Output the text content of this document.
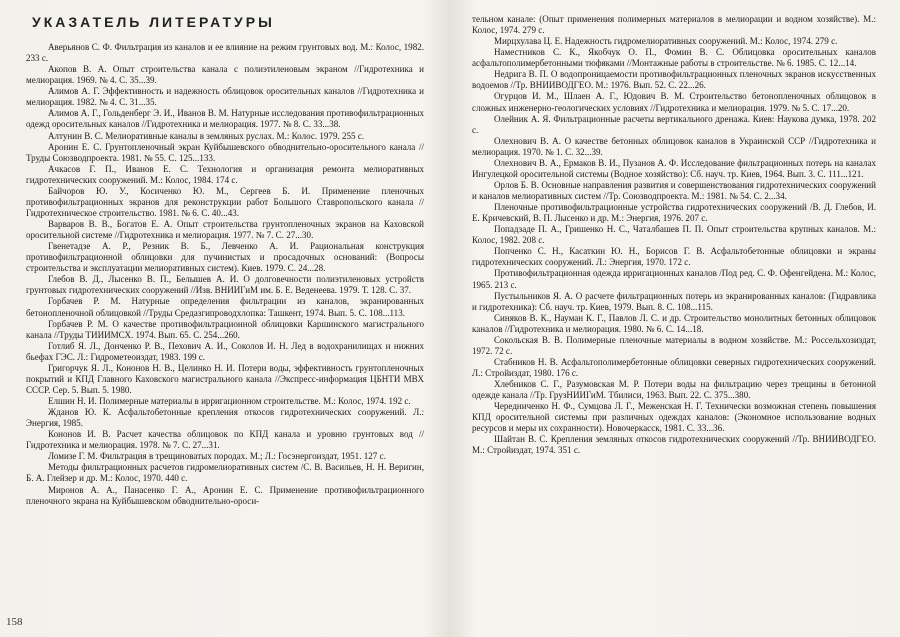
УКАЗАТЕЛЬ ЛИТЕРАТУРЫ
Аверьянов С. Ф. Фильтрация из каналов и ее влияние на режим грунтовых вод. М.: Колос, 1982. 233 с.
Акопов В. А. Опыт строительства канала с полиэтиленовым экраном //Гидротехника и мелиорация. 1969. № 4. С. 35...39.
Алимов А. Г. Эффективность и надежность облицовок оросительных каналов //Гидротехника и мелиорация. 1982. № 4. С. 31...35.
Алимов А. Г., Гольденберг Э. И., Иванов В. М. Натурные исследования противофильтрационных одежд оросительных каналов //Гидротехника и мелиорация. 1977. № 8. С. 33...38.
Алтунин В. С. Мелиоративные каналы в земляных руслах. М.: Колос. 1979. 255 с.
Аронин Е. С. Грунтопленочный экран Куйбышевского обводнительно-оросительного канала //Труды Союзводпроекта. 1981. № 55. С. 125...133.
Ачкасов Г. П., Иванов Е. С. Технология и организация ремонта мелиоративных гидротехнических сооружений. М.: Колос, 1984. 174 с.
Байчоров Ю. У., Косиченко Ю. М., Сергеев Б. И. Применение пленочных противофильтрационных экранов для реконструкции работ Большого Ставропольского канала //Гидротехническое строительство. 1981. № 6. С. 40...43.
Варваров В. В., Богатов Е. А. Опыт строительства грунтопленочных экранов на Каховской оросительной системе //Гидротехника и мелиорация. 1977. № 7. С. 27...30.
Гвенетадзе А. Р., Резник В. Б., Левченко А. И. Рациональная конструкция противофильтрационной облицовки для пучинистых и просадочных оснований: (Вопросы строительства и эксплуатации мелиоративных систем). Киев. 1979. С. 24...28.
Глебов В. Д., Лысенко В. П., Белышев А. И. О долговечности полиэтиленовых устройств грунтовых гидротехнических сооружений //Изв. ВНИИГиМ им. Б. Е. Веденеева. 1979. Т. 128. С. 37.
Горбачев Р. М. Натурные определения фильтрации из каналов, экранированных бетонопленочной облицовкой //Труды Средазгипроводхлопка: Ташкент, 1974. Вып. 5. С. 108...113.
Горбачев Р. М. О качестве противофильтрационной облицовки Каршинского магистрального канала //Труды ТИИИМСХ. 1974. Вып. 65. С. 254...260.
Готлиб Я. Л., Донченко Р. В., Пехович А. И., Соколов И. Н. Лед в водохранилищах и нижних бьефах ГЭС. Л.: Гидрометеоиздат, 1983. 199 с.
Григорчук Я. Л., Кононов Н. В., Целинко Н. И. Потери воды, эффективность грунтопленочных покрытий и КПД Главного Каховского магистрального канала //Экспресс-информация ЦБНТИ МВХ СССР. Сер. 5. Вып. 5. 1980.
Елшин Н. И. Полимерные материалы в ирригационном строительстве. М.: Колос, 1974. 192 с.
Жданов Ю. К. Асфальтобетонные крепления откосов гидротехнических сооружений. Л.: Энергия, 1985.
Кононов И. В. Расчет качества облицовок по КПД канала и уровню грунтовых вод //Гидротехника и мелиорация. 1978. № 7. С. 27...31.
Ломизе Г. М. Фильтрация в трещиноватых породах. М.; Л.: Госэнергоиздат, 1951. 127 с.
Методы фильтрационных расчетов гидромелиоративных систем /С. В. Васильев, Н. Н. Веригин, Б. А. Глейзер и др. М.: Колос, 1970. 440 с.
Миронов А. А., Панасенко Г. А., Аронин Е. С. Применение противофильтрационного пленочного экрана на Куйбышевском обводнительно-ороси-
158
тельном канале: (Опыт применения полимерных материалов в мелиорации и водном хозяйстве). М.: Колос, 1974. 279 с.
Мирцхулава Ц. Е. Надежность гидромелиоративных сооружений. М.: Колос, 1974. 279 с.
Наместников С. К., Якобчук О. П., Фомин В. С. Облицовка оросительных каналов асфальтополимербетонными тюфяками //Монтажные работы в строительстве. № 6. 1985. С. 12...14.
Недрига В. П. О водопроницаемости противофильтрационных пленочных экранов искусственных водоемов //Тр. ВНИИВОДГЕО. М.: 1976. Вып. 52. С. 22...26.
Огурцов И. М., Шлаен А. Г., Юдович В. М. Строительство бетонопленочных облицовок в сложных инженерно-геологических условиях //Гидротехника и мелиорация. 1979. № 5. С. 17...20.
Олейник А. Я. Фильтрационные расчеты вертикального дренажа. Киев: Наукова думка, 1978. 202 с.
Олехнович В. А. О качестве бетонных облицовок каналов в Украинской ССР //Гидротехника и мелиорация. 1970. № 1. С. 32...39.
Олехнович В. А., Ермаков В. И., Пузанов А. Ф. Исследование фильтрационных потерь на каналах Ингулецкой оросительной системы (Водное хозяйство): Сб. науч. тр. Киев, 1964. Вып. 3. С. 111...121.
Орлов Б. В. Основные направления развития и совершенствования гидротехнических сооружений и каналов мелиоративных систем //Тр. Союзводпроекта. М.: 1981. № 54. С. 2...34.
Пленочные противофильтрационные устройства гидротехнических сооружений /В. Д. Глебов, И. Е. Кричевский, В. П. Лысенко и др. М.: Энергия, 1976. 207 с.
Попадзаде П. А., Гришенко Н. С., Чаталбашев П. П. Опыт строительства крупных каналов. М.: Колос, 1982. 208 с.
Попченко С. Н., Касаткин Ю. Н., Борисов Г. В. Асфальтобетонные облицовки и экраны гидротехнических сооружений. Л.: Энергия, 1970. 172 с.
Противофильтрационная одежда ирригационных каналов /Под ред. С. Ф. Офенгейдена. М.: Колос, 1965. 213 с.
Пустыльников Я. А. О расчете фильтрационных потерь из экранированных каналов: (Гидравлика и гидротехника): Сб. науч. тр. Киев, 1979. Вып. 8. С. 108...115.
Синяков В. К., Науман К. Г., Павлов Л. С. и др. Строительство монолитных бетонных облицовок каналов //Гидротехника и мелиорация. 1980. № 6. С. 14...18.
Сокольская В. В. Полимерные пленочные материалы в водном хозяйстве. М.: Россельхозиздат, 1972. 72 с.
Стабников Н. В. Асфальтополимербетонные облицовки северных гидротехнических сооружений. Л.: Стройиздат, 1980. 176 с.
Хлебников С. Г., Разумовская М. Р. Потери воды на фильтрацию через трещины в бетонной одежде канала //Тр. ГрузНИИГиМ. Тбилиси, 1963. Вып. 22. С. 375...380.
Чередниченко Н. Ф., Сумцова Л. Г., Меженская Н. Г. Технически возможная степень повышения КПД оросительной системы при различных одеждах каналов: (Экономное использование водных ресурсов и меры их сохранности). Новочеркасск, 1981. С. 33...36.
Шайтан В. С. Крепления земляных откосов гидротехнических сооружений //Тр. ВНИИВОДГЕО. М.: Стройиздат, 1974. 351 с.
